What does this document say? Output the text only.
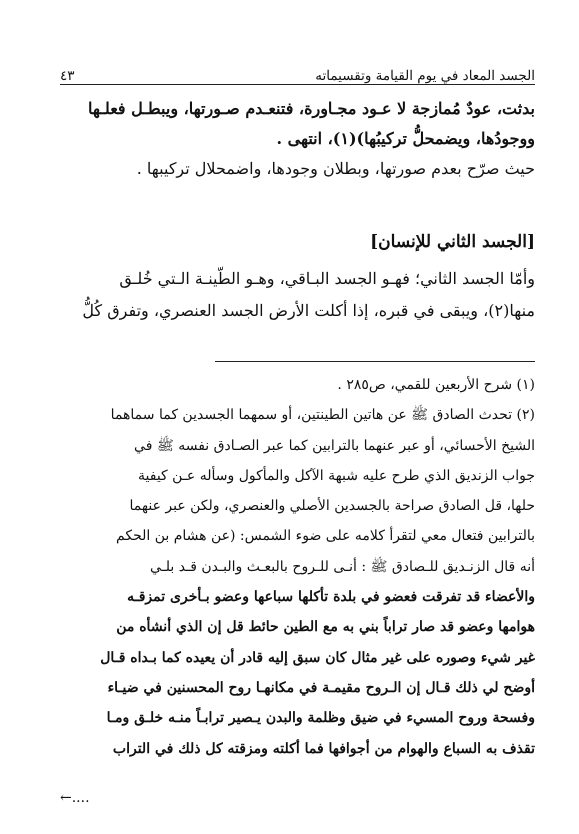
الجسد المعاد في يوم القيامة وتقسيماته
٤٣
بدثت، عودٌ مُمازجة لا عـود مجـاورة، فتنعـدم صـورتها، ويبطـل فعلـها
ووجودُها، ويضمحلُّ تركيبُها)(١)، انتهى .
حيث صرّح بعدم صورتها، وبطلان وجودها، واضمحلال تركيبها .
[الجسد الثاني للإنسان]
وأمّا الجسد الثاني؛ فهـو الجسد البـاقي، وهـو الطّينـة الـتي خُلـق
منها(٢)، ويبقى في قبره، إذا أكلت الأرض الجسد العنصري، وتفرق كُلُّ
(١) شرح الأربعين للقمي، ص٢٨٥ .
(٢) تحدث الصادق ﷺ عن هاتين الطينتين، أو سمهما الجسدين كما سماهما
الشيخ الأحسائي، أو عبر عنهما بالترابين كما عبر الصـادق نفسه ﷺ في
جواب الزنديق الذي طرح عليه شبهة الآكل والمأكول وسأله عـن كيفية
حلها، قل الصادق صراحة بالجسدين الأصلي والعنصري، ولكن عبر عنهما
بالترابين فتعال معي لتقرأ كلامه على ضوء الشمس: (عن هشام بن الحكم
أنه قال الزنـديق للـصادق ﷺ : أنـى للـروح بالبعـث والبـدن قـد بلـي
والأعضاء قد تفرقت فعضو في بلدة تأكلها سباعها وعضو بـأخرى تمزقـه
هوامها وعضو قد صار تراباً بني به مع الطين حائط قل إن الذي أنشأه من
غير شيء وصوره على غير مثال كان سبق إليه قادر أن يعيده كما بـداه قـال
أوضح لي ذلك قـال إن الـروح مقيمـة في مكانهـا روح المحسنين في ضيـاء
وفسحة وروح المسيء في ضيق وظلمة والبدن يـصير ترابـاً منـه خلـق ومـا
تقذف به السباع والهوام من أجوافها فما أكلته ومزقته كل ذلك في التراب
←....
